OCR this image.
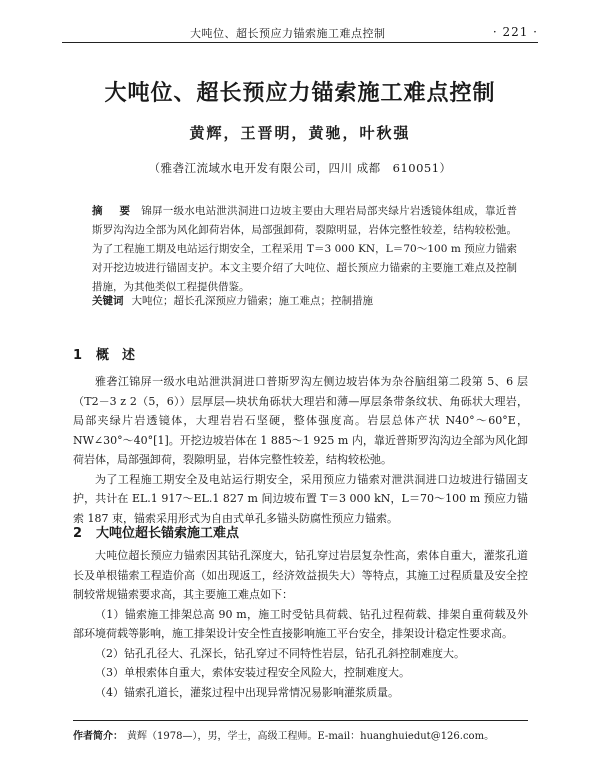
大吨位、超长预应力锚索施工难点控制	· 221 ·
大吨位、超长预应力锚索施工难点控制
黄辉，王晋明，黄驰，叶秋强
（雅砻江流域水电开发有限公司，四川 成都　610051）
摘　要 锦屏一级水电站泄洪洞进口边坡主要由大理岩局部夹绿片岩透镜体组成，靠近普斯罗沟沟边全部为风化卸荷岩体，局部强卸荷，裂隙明显，岩体完整性较差，结构较松弛。为了工程施工期及电站运行期安全，工程采用 T＝3 000 KN，L＝70～100 m 预应力锚索对开挖边坡进行锚固支护。本文主要介绍了大吨位、超长预应力锚索的主要施工难点及控制措施，为其他类似工程提供借鉴。
关键词 大吨位；超长孔深预应力锚索；施工难点；控制措施
1 概　述

雅砻江锦屏一级水电站泄洪洞进口普斯罗沟左侧边坡岩体为杂谷脑组第二段第 5、6 层（T2－3 z 2（5，6））层厚层—块状角砾状大理岩和薄—厚层条带条纹状、角砾状大理岩，局部夹绿片岩透镜体，大理岩岩石坚硬，整体强度高。岩层总体产状 N40°～60°E，NW∠30°～40°[1]。开挖边坡岩体在 1 885～1 925 m 内，靠近普斯罗沟沟边全部为风化卸荷岩体，局部强卸荷，裂隙明显，岩体完整性较差，结构较松弛。

为了工程施工期安全及电站运行期安全，采用预应力锚索对泄洪洞进口边坡进行锚固支护，共计在 EL.1 917～EL.1 827 m 间边坡布置 T＝3 000 kN，L＝70～100 m 预应力锚索 187 束，锚索采用形式为自由式单孔多锚头防腐性预应力锚索。

2 大吨位超长锚索施工难点

大吨位超长预应力锚索因其钻孔深度大，钻孔穿过岩层复杂性高，索体自重大，灌浆孔道长及单根锚索工程造价高（如出现返工，经济效益损失大）等特点，其施工过程质量及安全控制较常规锚索要求高，其主要施工难点如下：

（1）锚索施工排架总高 90 m，施工时受钻具荷载、钻孔过程荷载、排架自重荷载及外部环境荷载等影响，施工排架设计安全性直接影响施工平台安全，排架设计稳定性要求高。

（2）钻孔孔径大、孔深长，钻孔穿过不同特性岩层，钻孔孔斜控制难度大。

（3）单根索体自重大，索体安装过程安全风险大，控制难度大。

（4）锚索孔道长，灌浆过程中出现异常情况易影响灌浆质量。

作者简介： 黄辉（1978—），男，学士，高级工程师。E-mail：huanghuiedut@126.com。
